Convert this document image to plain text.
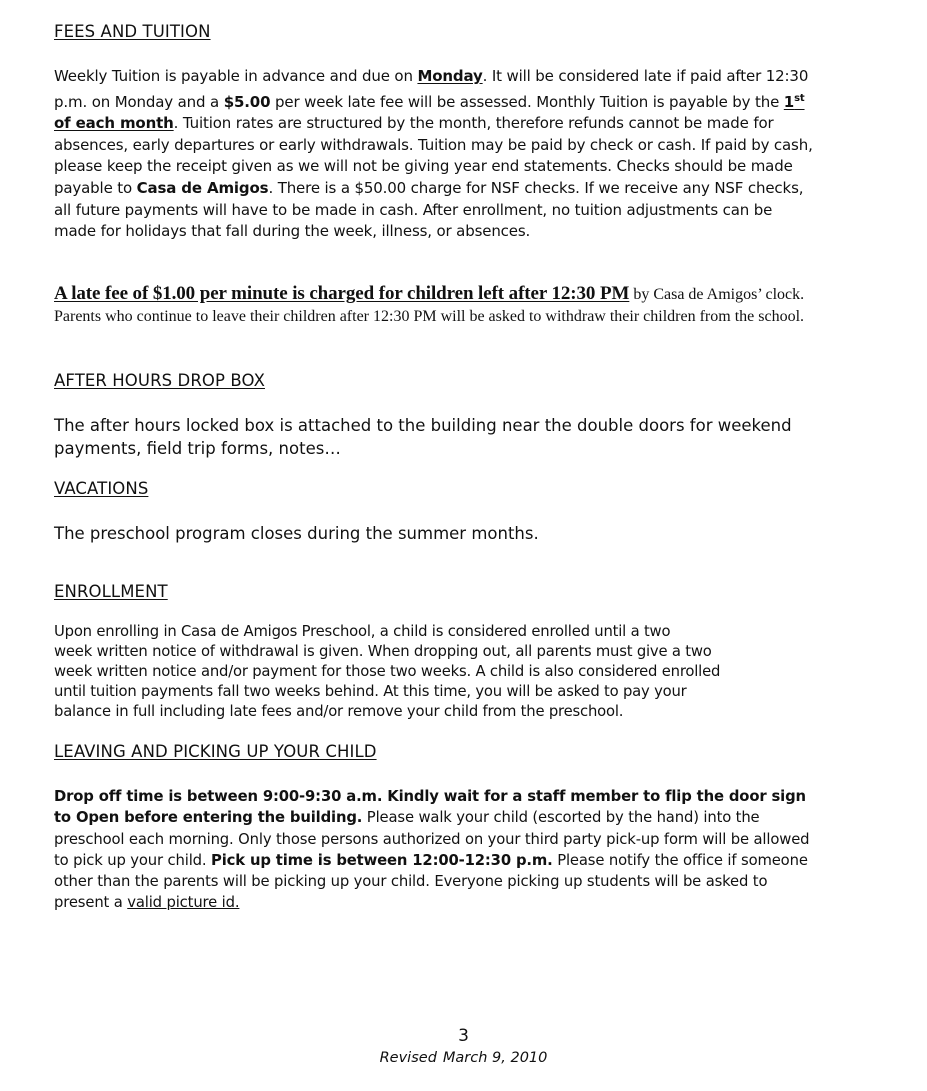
FEES AND TUITION
Weekly Tuition is payable in advance and due on Monday. It will be considered late if paid after 12:30 p.m. on Monday and a $5.00 per week late fee will be assessed. Monthly Tuition is payable by the 1st of each month. Tuition rates are structured by the month, therefore refunds cannot be made for absences, early departures or early withdrawals. Tuition may be paid by check or cash. If paid by cash, please keep the receipt given as we will not be giving year end statements. Checks should be made payable to Casa de Amigos. There is a $50.00 charge for NSF checks. If we receive any NSF checks, all future payments will have to be made in cash. After enrollment, no tuition adjustments can be made for holidays that fall during the week, illness, or absences.
A late fee of $1.00 per minute is charged for children left after 12:30 PM by Casa de Amigos’ clock. Parents who continue to leave their children after 12:30 PM will be asked to withdraw their children from the school.
AFTER HOURS DROP BOX
The after hours locked box is attached to the building near the double doors for weekend payments, field trip forms, notes…
VACATIONS
The preschool program closes during the summer months.
ENROLLMENT
Upon enrolling in Casa de Amigos Preschool, a child is considered enrolled until a two
week written notice of withdrawal is given. When dropping out, all parents must give a two
week written notice and/or payment for those two weeks. A child is also considered enrolled
until tuition payments fall two weeks behind. At this time, you will be asked to pay your
balance in full including late fees and/or remove your child from the preschool.
LEAVING AND PICKING UP YOUR CHILD
Drop off time is between 9:00-9:30 a.m. Kindly wait for a staff member to flip the door sign to Open before entering the building. Please walk your child (escorted by the hand) into the preschool each morning. Only those persons authorized on your third party pick-up form will be allowed to pick up your child. Pick up time is between 12:00-12:30 p.m. Please notify the office if someone other than the parents will be picking up your child. Everyone picking up students will be asked to present a valid picture id.
3
Revised March 9, 2010
